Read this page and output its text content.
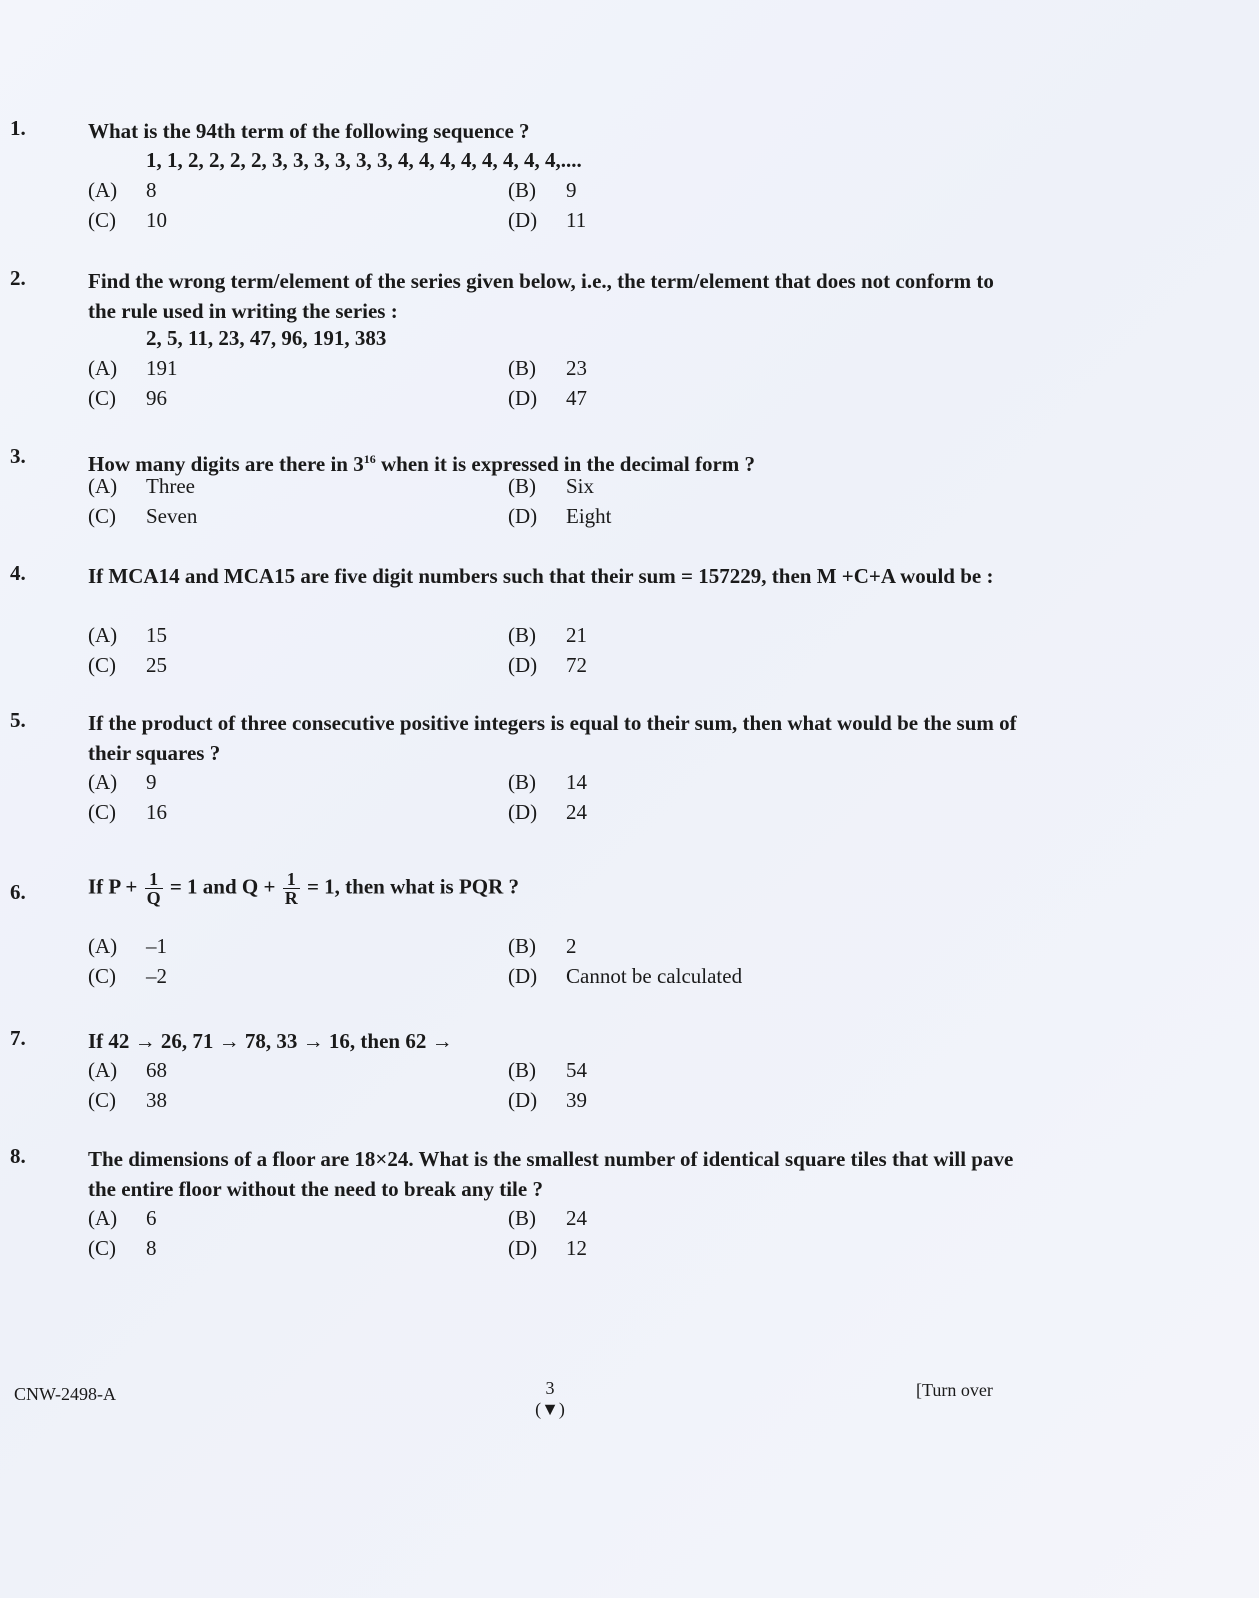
1.	What is the 94th term of the following sequence ?
1, 1, 2, 2, 2, 2, 3, 3, 3, 3, 3, 3, 4, 4, 4, 4, 4, 4, 4, 4,....
(A) 8	(B) 9
(C) 10	(D) 11
2.	Find the wrong term/element of the series given below, i.e., the term/element that does not conform to the rule used in writing the series :
2, 5, 11, 23, 47, 96, 191, 383
(A) 191	(B) 23
(C) 96	(D) 47
3.	How many digits are there in $3^{16}$ when it is expressed in the decimal form ?
(A) Three	(B) Six
(C) Seven	(D) Eight
4.	If MCA14 and MCA15 are five digit numbers such that their sum = 157229, then M +C+A would be :
(A) 15	(B) 21
(C) 25	(D) 72
5.	If the product of three consecutive positive integers is equal to their sum, then what would be the sum of their squares ?
(A) 9	(B) 14
(C) 16	(D) 24
6.	If $P + \frac{1}{Q} = 1$ and $Q + \frac{1}{R} = 1$, then what is PQR ?
(A) –1	(B) 2
(C) –2	(D) Cannot be calculated
7.	If 42 → 26, 71 → 78, 33 → 16, then 62 →
(A) 68	(B) 54
(C) 38	(D) 39
8.	The dimensions of a floor are 18×24. What is the smallest number of identical square tiles that will pave the entire floor without the need to break any tile ?
(A) 6	(B) 24
(C) 8	(D) 12
CNW-2498-A	3
(▼)
[Turn over
